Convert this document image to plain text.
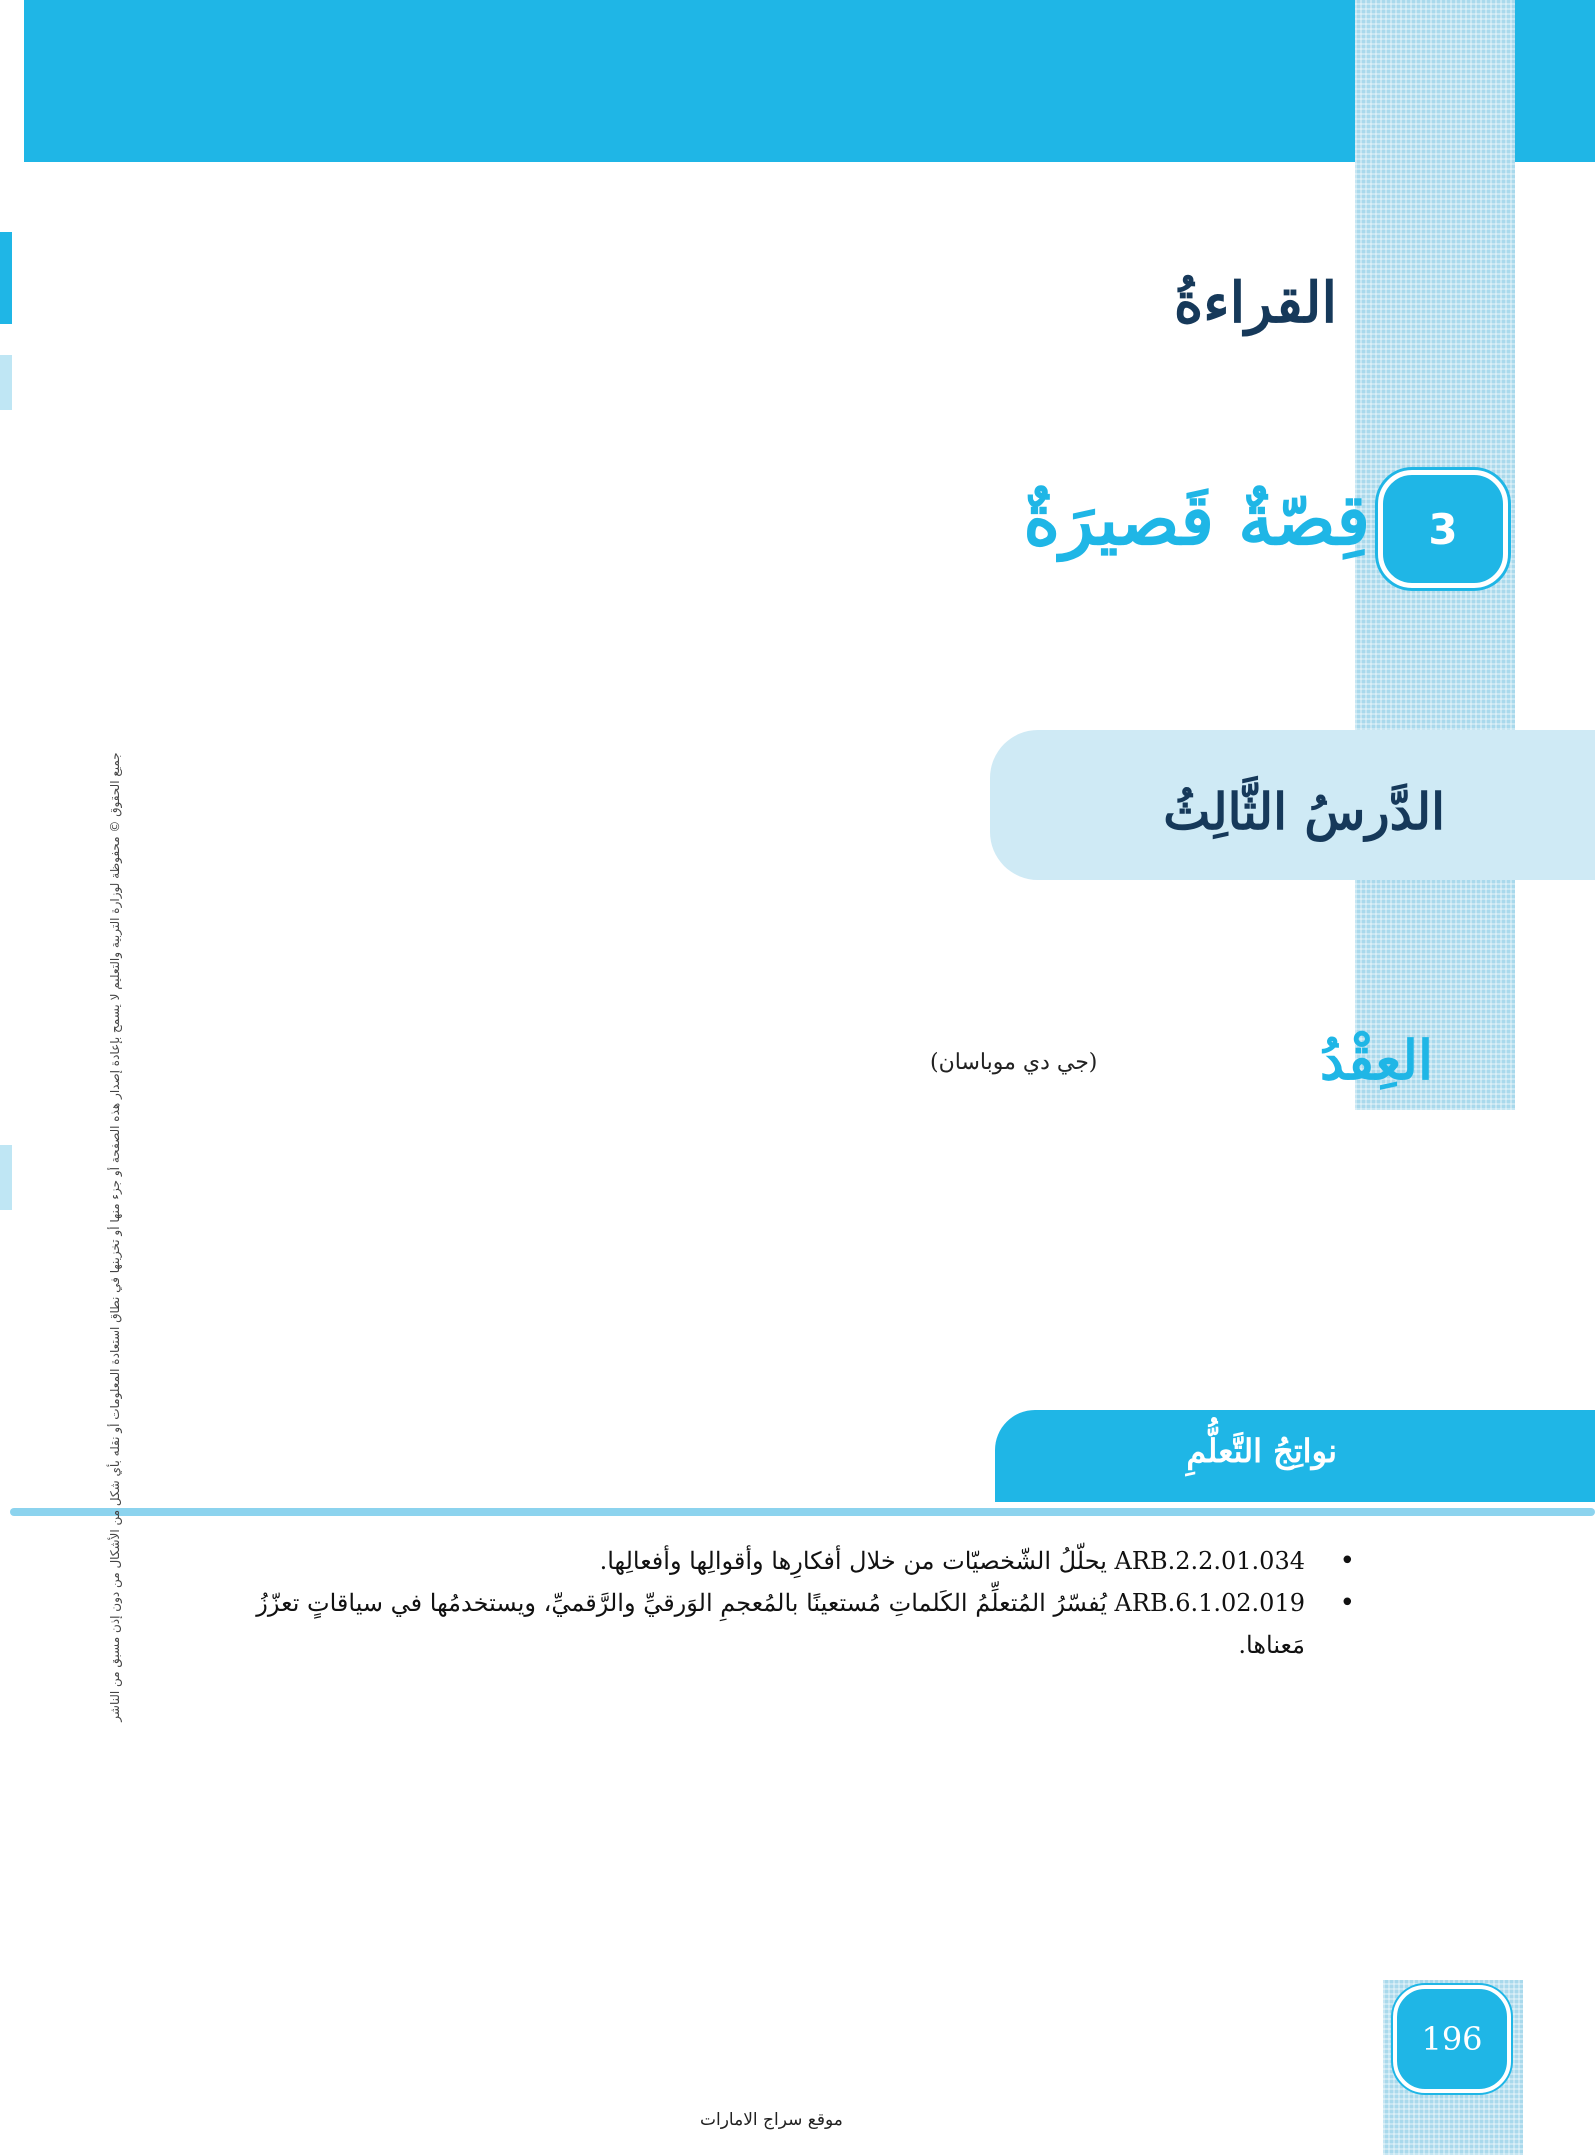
القراءةُ
3
قِصّةٌ قَصيرَةٌ
الدَّرسُ الثَّالِثُ
العِقْدُ
(جي دي موباسان)
نواتِجُ التَّعلُّمِ
• ARB.2.2.01.034 يحلّلُ الشّخصيّات من خلال أفكارِها وأقوالِها وأفعالِها.
• ARB.6.1.02.019 يُفسّرُ المُتعلِّمُ الكَلماتِ مُستعينًا بالمُعجمِ الوَرقيِّ والرَّقميِّ، ويستخدمُها في سياقاتٍ تعزّزُ مَعناها.
196
موقع سراج الامارات
جميع الحقوق © محفوظة لوزارة التربية والتعليم لا يسمح بإعادة إصدار هذه الصفحة أو جزء منها أو تخزينها في نطاق استعادة المعلومات أو نقله بأي شكل من الأشكال من دون إذن مسبق من الناشر
